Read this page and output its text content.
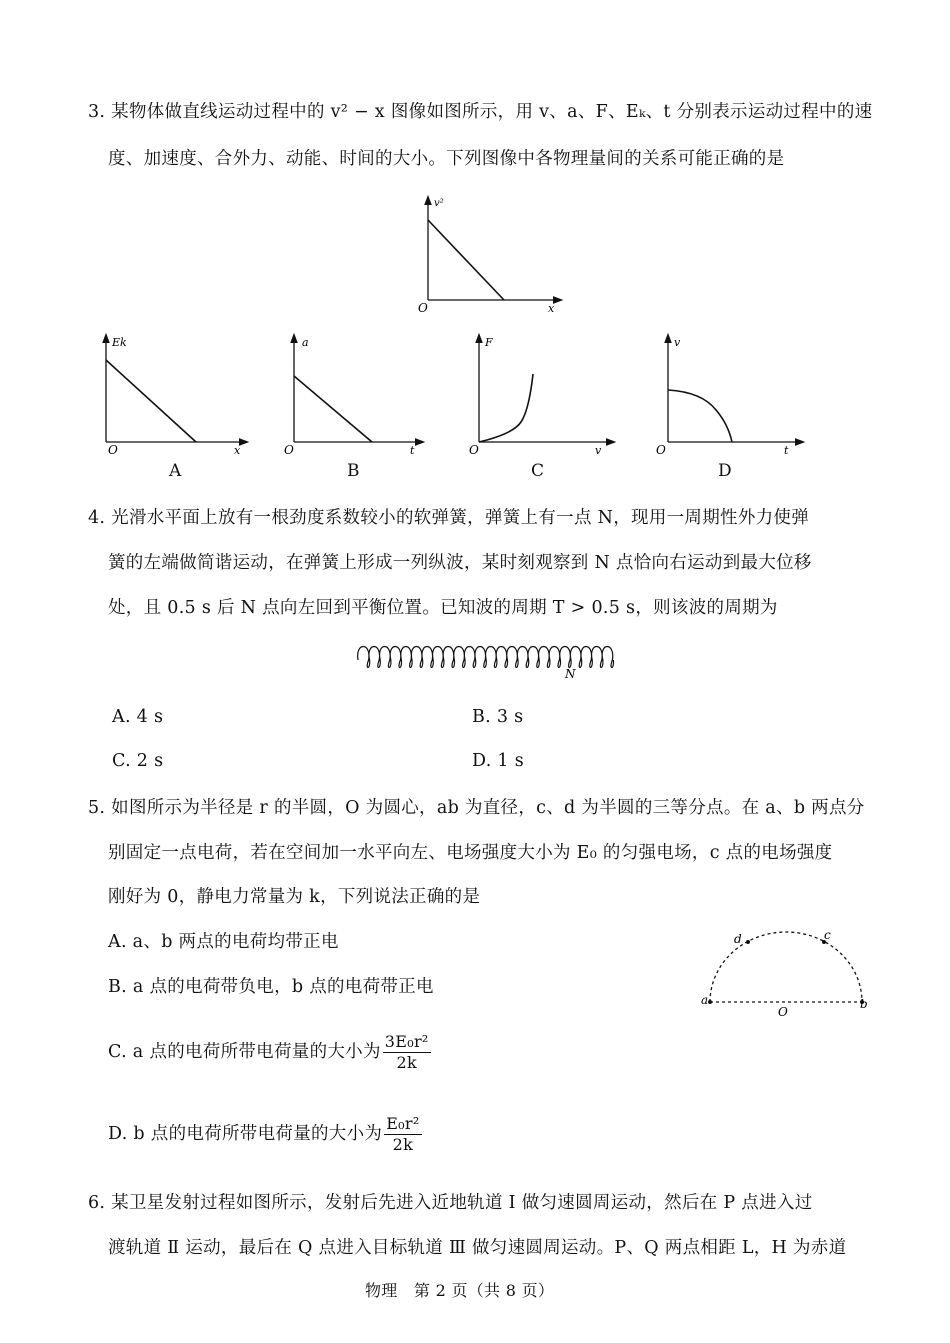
3. 某物体做直线运动过程中的 v² − x 图像如图所示，用 v、a、F、Eₖ、t 分别表示运动过程中的速
度、加速度、合外力、动能、时间的大小。下列图像中各物理量间的关系可能正确的是
v²
O	x
Ek
O	x
A
a
O	t
B
F
O	v
C
v
O	t
D
4. 光滑水平面上放有一根劲度系数较小的软弹簧，弹簧上有一点 N，现用一周期性外力使弹
簧的左端做简谐运动，在弹簧上形成一列纵波，某时刻观察到 N 点恰向右运动到最大位移
处，且 0.5 s 后 N 点向左回到平衡位置。已知波的周期 T > 0.5 s，则该波的周期为
N
A. 4 s	B. 3 s
C. 2 s	D. 1 s
5. 如图所示为半径是 r 的半圆，O 为圆心，ab 为直径，c、d 为半圆的三等分点。在 a、b 两点分
别固定一点电荷，若在空间加一水平向左、电场强度大小为 E₀ 的匀强电场，c 点的电场强度
刚好为 0，静电力常量为 k，下列说法正确的是
A. a、b 两点的电荷均带正电
B. a 点的电荷带负电，b 点的电荷带正电
C. a 点的电荷所带电荷量的大小为 $\frac{\text{3E₀r²}}{2k}$
D. b 点的电荷所带电荷量的大小为 $\frac{\text{E₀r²}}{2k}$
a	b
c
d
O
6. 某卫星发射过程如图所示，发射后先进入近地轨道 Ⅰ 做匀速圆周运动，然后在 P 点进入过
渡轨道 Ⅱ 运动，最后在 Q 点进入目标轨道 Ⅲ 做匀速圆周运动。P、Q 两点相距 L，H 为赤道
物理　第 2 页（共 8 页）
